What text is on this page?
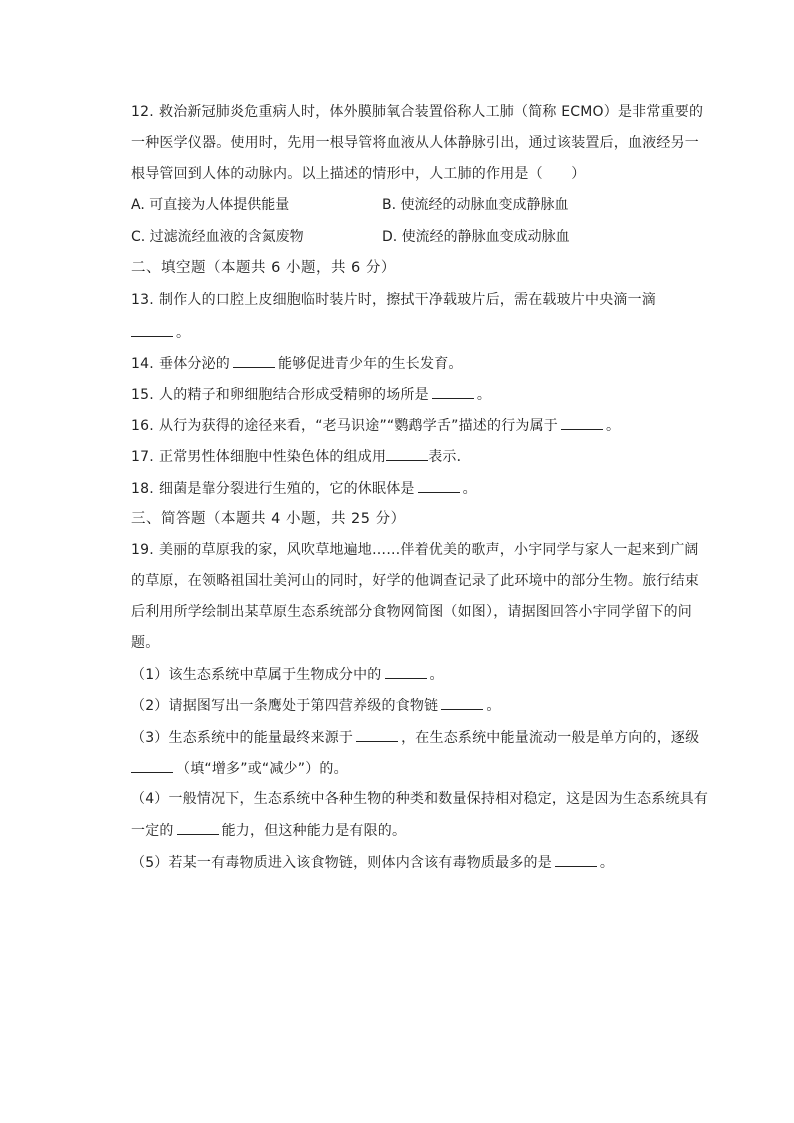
12. 救治新冠肺炎危重病人时，体外膜肺氧合装置俗称人工肺（简称 ECMO）是非常重要的
一种医学仪器。使用时，先用一根导管将血液从人体静脉引出，通过该装置后，血液经另一
根导管回到人体的动脉内。以上描述的情形中，人工肺的作用是（　　）
A. 可直接为人体提供能量	B. 使流经的动脉血变成静脉血
C. 过滤流经血液的含氮废物	D. 使流经的静脉血变成动脉血
二、填空题（本题共 6 小题，共 6 分）
13. 制作人的口腔上皮细胞临时装片时，擦拭干净载玻片后，需在载玻片中央滴一滴
。
14. 垂体分泌的	能够促进青少年的生长发育。
15. 人的精子和卵细胞结合形成受精卵的场所是	。
16. 从行为获得的途径来看，“老马识途”“鹦鹉学舌”描述的行为属于	。
17. 正常男性体细胞中性染色体的组成用	表示．
18. 细菌是靠分裂进行生殖的，它的休眠体是	。
三、简答题（本题共 4 小题，共 25 分）
19. 美丽的草原我的家，风吹草地遍地……伴着优美的歌声，小宇同学与家人一起来到广阔
的草原，在领略祖国壮美河山的同时，好学的他调查记录了此环境中的部分生物。旅行结束
后利用所学绘制出某草原生态系统部分食物网简图（如图），请据图回答小宇同学留下的问
题。
（1）该生态系统中草属于生物成分中的	。
（2）请据图写出一条鹰处于第四营养级的食物链	。
（3）生态系统中的能量最终来源于	，在生态系统中能量流动一般是单方向的，逐级
（填“增多”或“减少”）的。
（4）一般情况下，生态系统中各种生物的种类和数量保持相对稳定，这是因为生态系统具有
一定的	能力，但这种能力是有限的。
（5）若某一有毒物质进入该食物链，则体内含该有毒物质最多的是	。
